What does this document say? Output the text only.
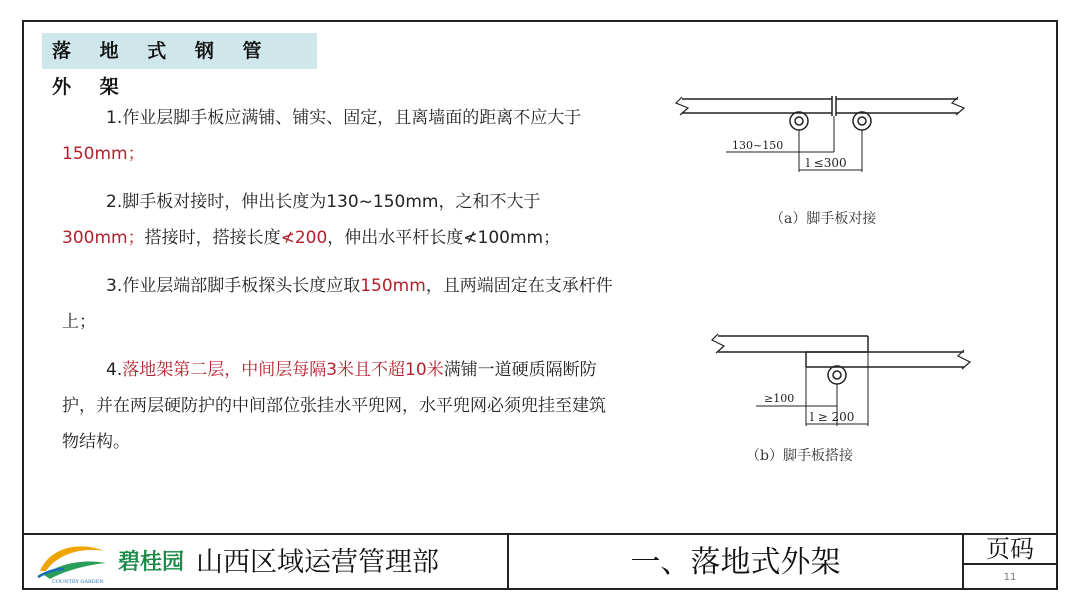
落 地 式 钢 管 外 架

1.作业层脚手板应满铺、铺实、固定，且离墙面的距离不应大于150mm；

2.脚手板对接时，伸出长度为130~150mm，之和不大于300mm；搭接时，搭接长度≮200，伸出水平杆长度≮100mm；

3.作业层端部脚手板探头长度应取150mm，且两端固定在支承杆件上；

4.落地架第二层，中间层每隔3米且不超10米满铺一道硬质隔断防护，并在两层硬防护的中间部位张挂水平兜网，水平兜网必须兜挂至建筑物结构。

130~150
l ≤300
（a）脚手板对接
≥100
l ≥ 200
（b）脚手板搭接
COUNTRY GARDEN
碧桂园 山西区域运营管理部	一、落地式外架	页码
11
